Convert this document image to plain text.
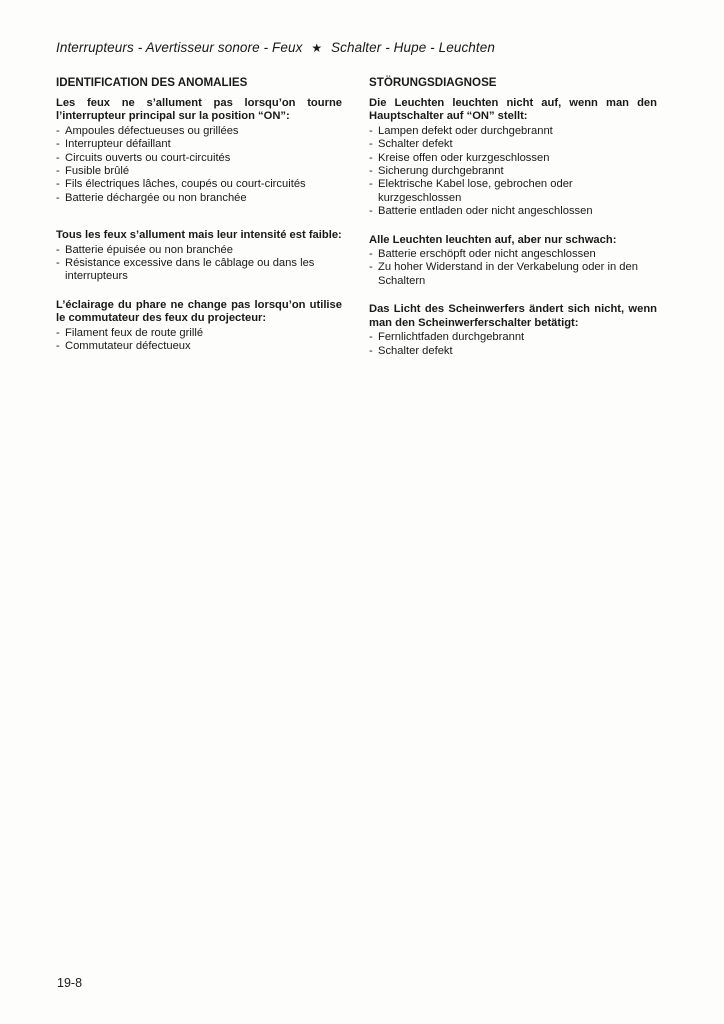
Interrupteurs - Avertisseur sonore - Feux ★ Schalter - Hupe - Leuchten
IDENTIFICATION DES ANOMALIES
Les feux ne s’allument pas lorsqu’on tourne l’interrupteur principal sur la position “ON”:
- Ampoules défectueuses ou grillées
- Interrupteur défaillant
- Circuits ouverts ou court-circuités
- Fusible brûlé
- Fils électriques lâches, coupés ou court-circuités
- Batterie déchargée ou non branchée
Tous les feux s’allument mais leur intensité est faible:
- Batterie épuisée ou non branchée
- Résistance excessive dans le câblage ou dans les interrupteurs
L’éclairage du phare ne change pas lorsqu’on utilise le commutateur des feux du projecteur:
- Filament feux de route grillé
- Commutateur défectueux
STÖRUNGSDIAGNOSE
Die Leuchten leuchten nicht auf, wenn man den Hauptschalter auf “ON” stellt:
- Lampen defekt oder durchgebrannt
- Schalter defekt
- Kreise offen oder kurzgeschlossen
- Sicherung durchgebrannt
- Elektrische Kabel lose, gebrochen oder kurzgeschlossen
- Batterie entladen oder nicht angeschlossen
Alle Leuchten leuchten auf, aber nur schwach:
- Batterie erschöpft oder nicht angeschlossen
- Zu hoher Widerstand in der Verkabelung oder in den Schaltern
Das Licht des Scheinwerfers ändert sich nicht, wenn man den Scheinwerferschalter betätigt:
- Fernlichtfaden durchgebrannt
- Schalter defekt
19-8
